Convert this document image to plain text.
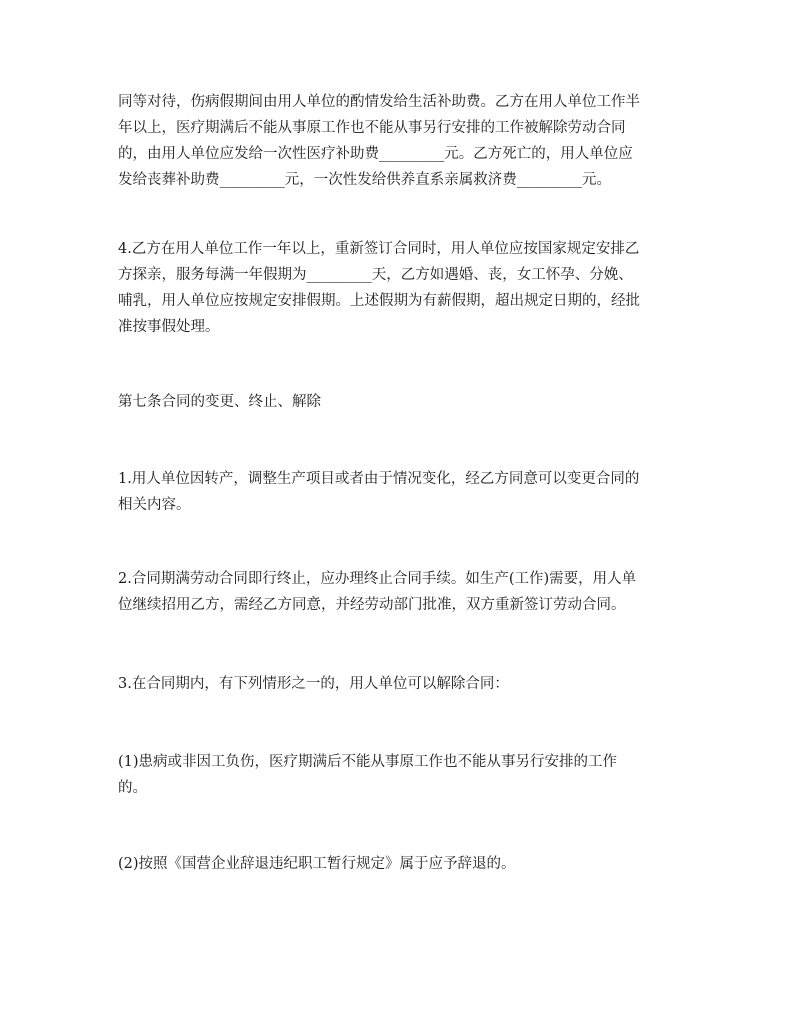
同等对待，伤病假期间由用人单位的酌情发给生活补助费。乙方在用人单位工作半
年以上，医疗期满后不能从事原工作也不能从事另行安排的工作被解除劳动合同
的，由用人单位应发给一次性医疗补助费_________元。乙方死亡的，用人单位应
发给丧葬补助费_________元，一次性发给供养直系亲属救济费_________元。

4.乙方在用人单位工作一年以上，重新签订合同时，用人单位应按国家规定安排乙
方探亲，服务每满一年假期为_________天，乙方如遇婚、丧，女工怀孕、分娩、
哺乳，用人单位应按规定安排假期。上述假期为有薪假期，超出规定日期的，经批
准按事假处理。

第七条合同的变更、终止、解除

1.用人单位因转产，调整生产项目或者由于情况变化，经乙方同意可以变更合同的
相关内容。

2.合同期满劳动合同即行终止，应办理终止合同手续。如生产(工作)需要，用人单
位继续招用乙方，需经乙方同意，并经劳动部门批准，双方重新签订劳动合同。

3.在合同期内，有下列情形之一的，用人单位可以解除合同：

(1)患病或非因工负伤，医疗期满后不能从事原工作也不能从事另行安排的工作
的。

(2)按照《国营企业辞退违纪职工暂行规定》属于应予辞退的。
